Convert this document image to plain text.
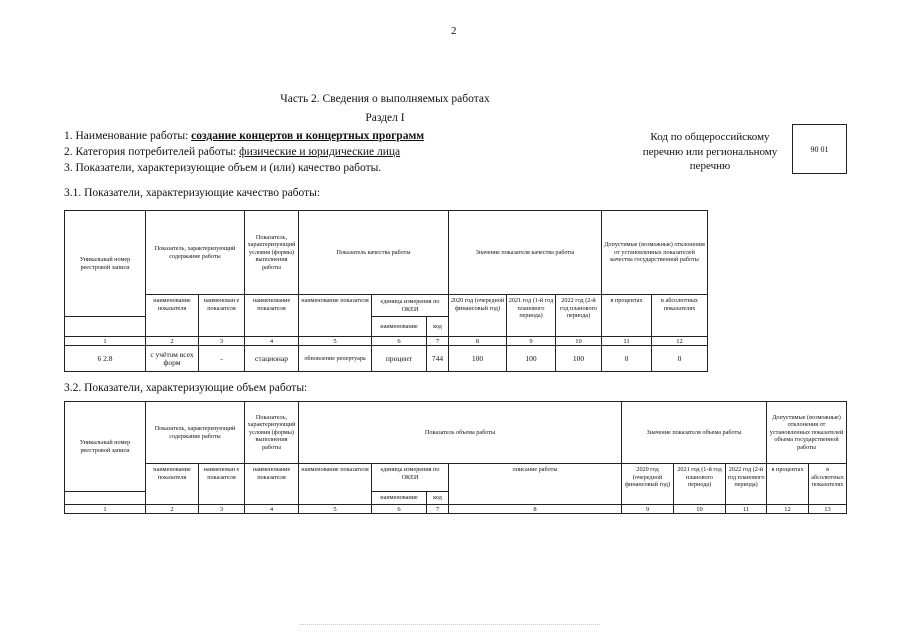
2
Часть 2. Сведения о выполняемых работах
Раздел I
1. Наименование работы: создание концертов и концертных программ
2. Категория потребителей работы: физические и юридические лица
3. Показатели, характеризующие объем и (или) качество работы.
Код по общероссийскому
перечню или региональному
перечню
90 01
3.1. Показатели, характеризующие качество работы:
Уникальный номер реестровой записи	Показатель, характеризующий содержание работы		Показатель, характеризующий условия (формы) выполнения работы	Показатель качества работы			Значение показателя качества работы			Допустимые (возможные) отклонения от установленных показателей качества государственной работы	
	наименование показателя	наименован е показателя	наименование показателя	наименование показателя	единица измерения по ОКЕИ		2020 год (очередной финансовый год)	2021 год (1-й год планового периода)	2022 год (2-й год планового периода)	в процентах	в абсолютных показателях
					наименование	код					
1	2	3	4	5	6	7	8	9	10	11	12
6 2.8	с учётом всех форм	-	стационар	обновление репертуара	процент	744	100	100	100	0	0
3.2. Показатели, характеризующие объем работы:
Уникальный номер реестровой записи	Показатель, характеризующий содержание работы		Показатель, характеризующий условия (формы) выполнения работы	Показатель объема работы				Значение показателя объема работы			Допустимые (возможные) отклонения от установленных показателей объема государственной работы	
	наименование показателя	наименован е показателя	наименование показателя	наименование показателя	единица измерения по ОКЕИ		описание работы	2020 год (очередной финансовый год)	2021 год (1-й год планового периода)	2022 год (2-й год планового периода)	в процентах	в абсолютных показателях
					наименование	код						
1	2	3	4	5	6	7	8	9	10	11	12	13
